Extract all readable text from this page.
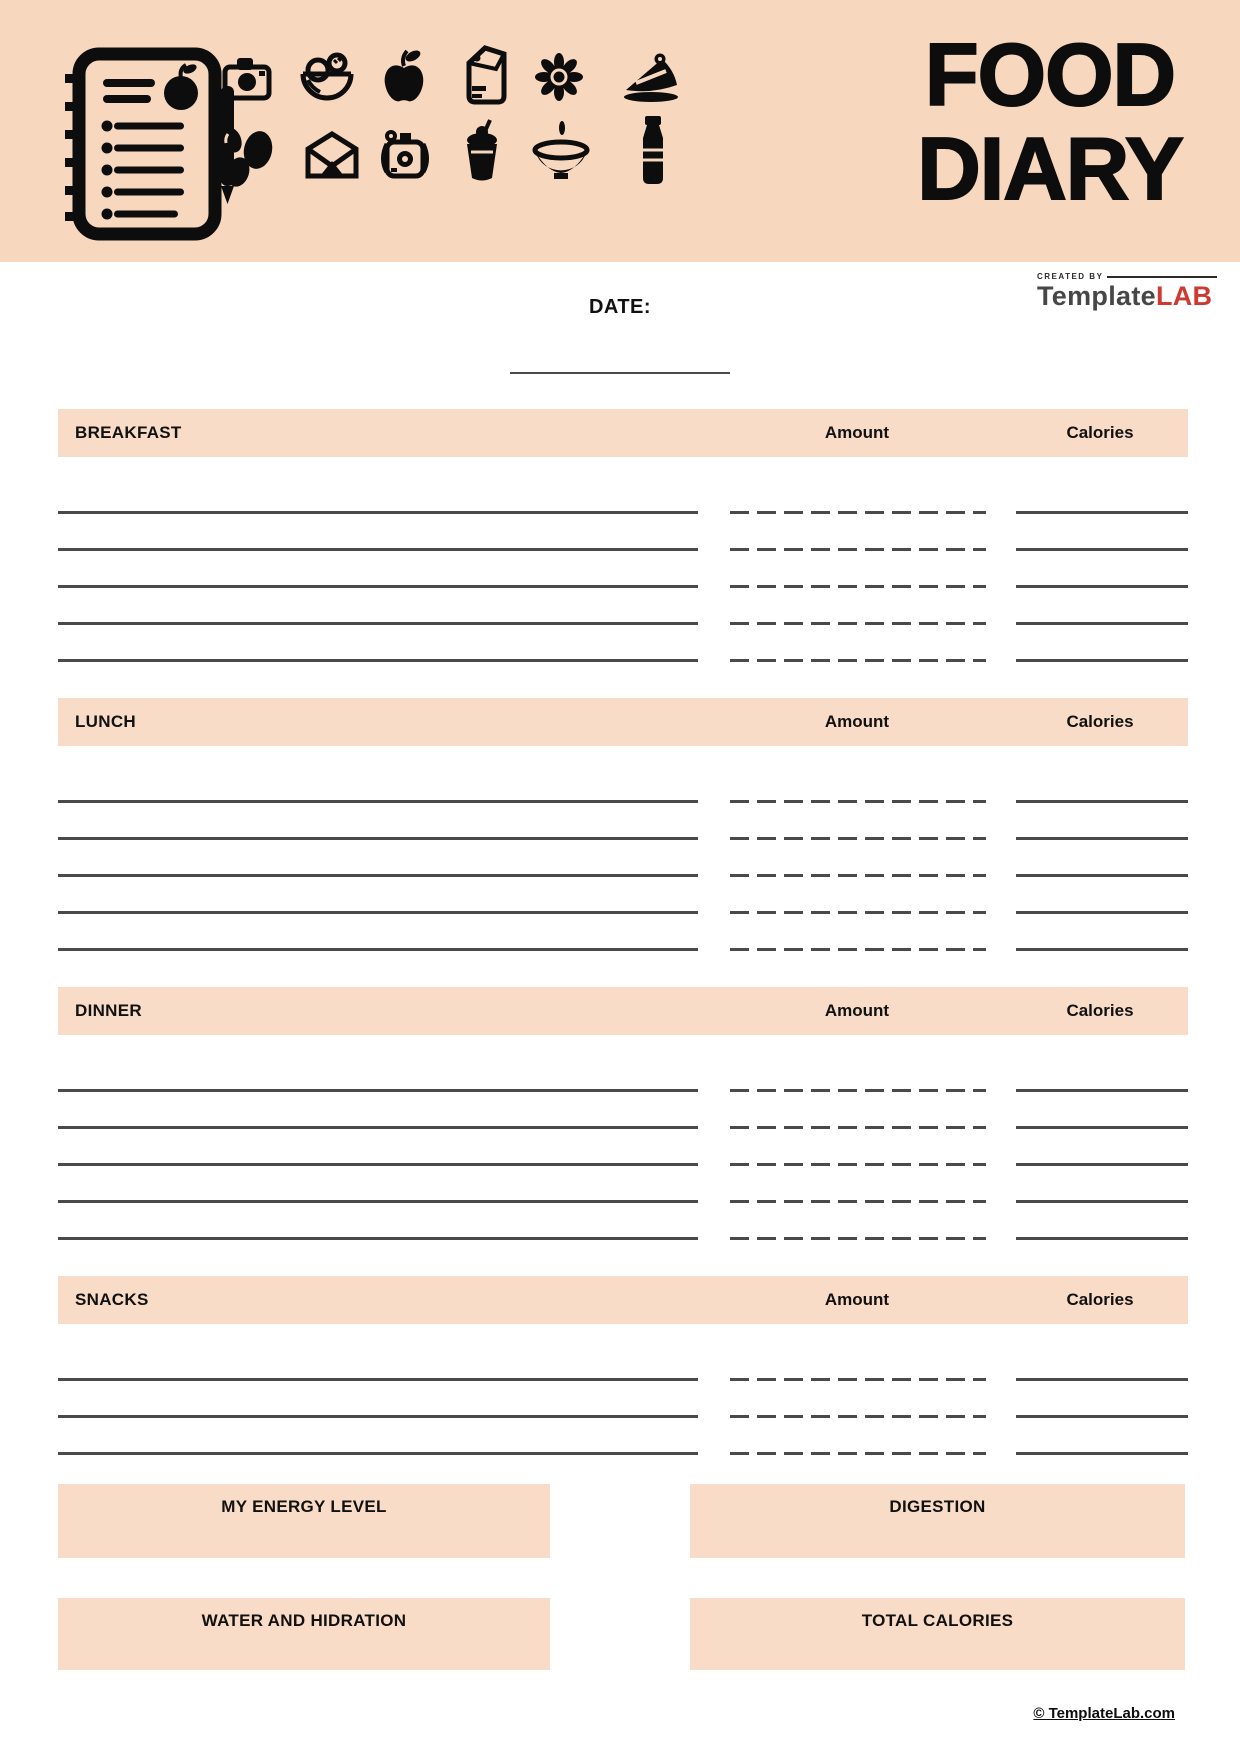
FOOD
DIARY
CREATED BY
TemplateLAB
DATE:
BREAKFAST	Amount	Calories
LUNCH	Amount	Calories
DINNER	Amount	Calories
SNACKS	Amount	Calories
MY ENERGY LEVEL	DIGESTION
WATER AND HIDRATION	TOTAL CALORIES
© TemplateLab.com
